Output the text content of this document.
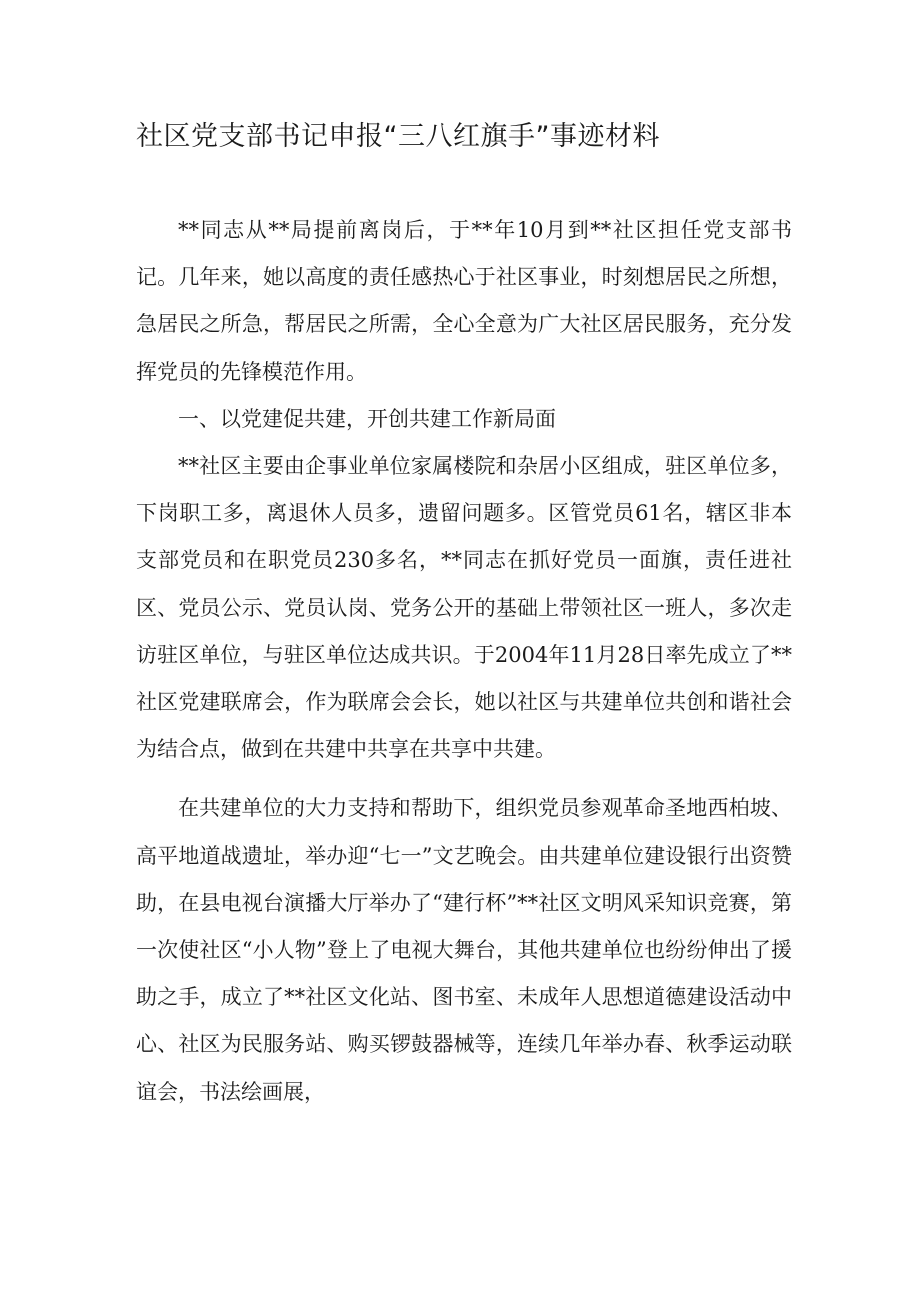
社区党支部书记申报“三八红旗手”事迹材料

**同志从**局提前离岗后，于**年10月到**社区担任党支部书记。几年来，她以高度的责任感热心于社区事业，时刻想居民之所想，急居民之所急，帮居民之所需，全心全意为广大社区居民服务，充分发挥党员的先锋模范作用。

一、以党建促共建，开创共建工作新局面

**社区主要由企事业单位家属楼院和杂居小区组成，驻区单位多，下岗职工多，离退休人员多，遗留问题多。区管党员61名，辖区非本支部党员和在职党员230多名，**同志在抓好党员一面旗，责任进社区、党员公示、党员认岗、党务公开的基础上带领社区一班人，多次走访驻区单位，与驻区单位达成共识。于2004年11月28日率先成立了**社区党建联席会，作为联席会会长，她以社区与共建单位共创和谐社会为结合点，做到在共建中共享在共享中共建。

在共建单位的大力支持和帮助下，组织党员参观革命圣地西柏坡、高平地道战遗址，举办迎“七一”文艺晚会。由共建单位建设银行出资赞助，在县电视台演播大厅举办了“建行杯”**社区文明风采知识竞赛，第一次使社区“小人物”登上了电视大舞台，其他共建单位也纷纷伸出了援助之手，成立了**社区文化站、图书室、未成年人思想道德建设活动中心、社区为民服务站、购买锣鼓器械等，连续几年举办春、秋季运动联谊会，书法绘画展，
